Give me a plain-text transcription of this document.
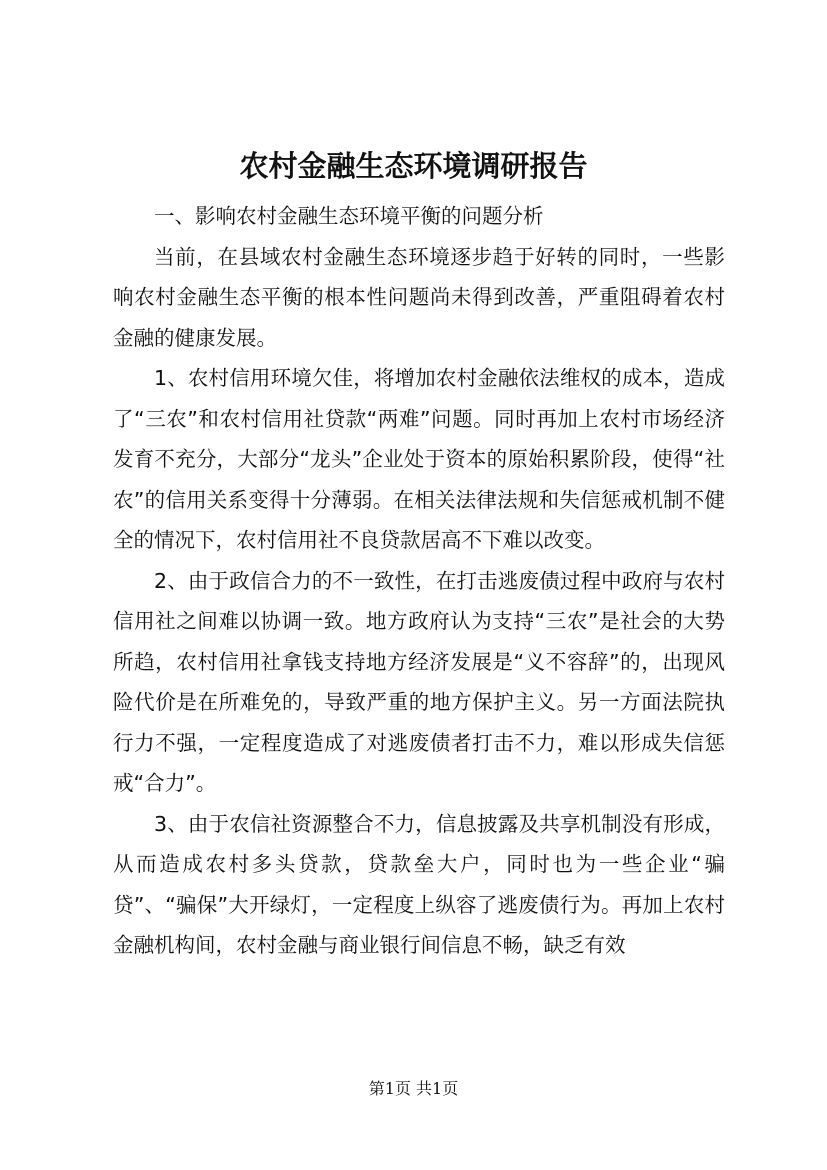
农村金融生态环境调研报告

一、影响农村金融生态环境平衡的问题分析

当前，在县域农村金融生态环境逐步趋于好转的同时，一些影响农村金融生态平衡的根本性问题尚未得到改善，严重阻碍着农村金融的健康发展。

1、农村信用环境欠佳，将增加农村金融依法维权的成本，造成了“三农”和农村信用社贷款“两难”问题。同时再加上农村市场经济发育不充分，大部分“龙头”企业处于资本的原始积累阶段，使得“社农”的信用关系变得十分薄弱。在相关法律法规和失信惩戒机制不健全的情况下，农村信用社不良贷款居高不下难以改变。

2、由于政信合力的不一致性，在打击逃废债过程中政府与农村信用社之间难以协调一致。地方政府认为支持“三农”是社会的大势所趋，农村信用社拿钱支持地方经济发展是“义不容辞”的，出现风险代价是在所难免的，导致严重的地方保护主义。另一方面法院执行力不强，一定程度造成了对逃废债者打击不力，难以形成失信惩戒“合力”。

3、由于农信社资源整合不力，信息披露及共享机制没有形成，从而造成农村多头贷款，贷款垒大户，同时也为一些企业“骗贷”、“骗保”大开绿灯，一定程度上纵容了逃废债行为。再加上农村金融机构间，农村金融与商业银行间信息不畅，缺乏有效

第1页 共1页
